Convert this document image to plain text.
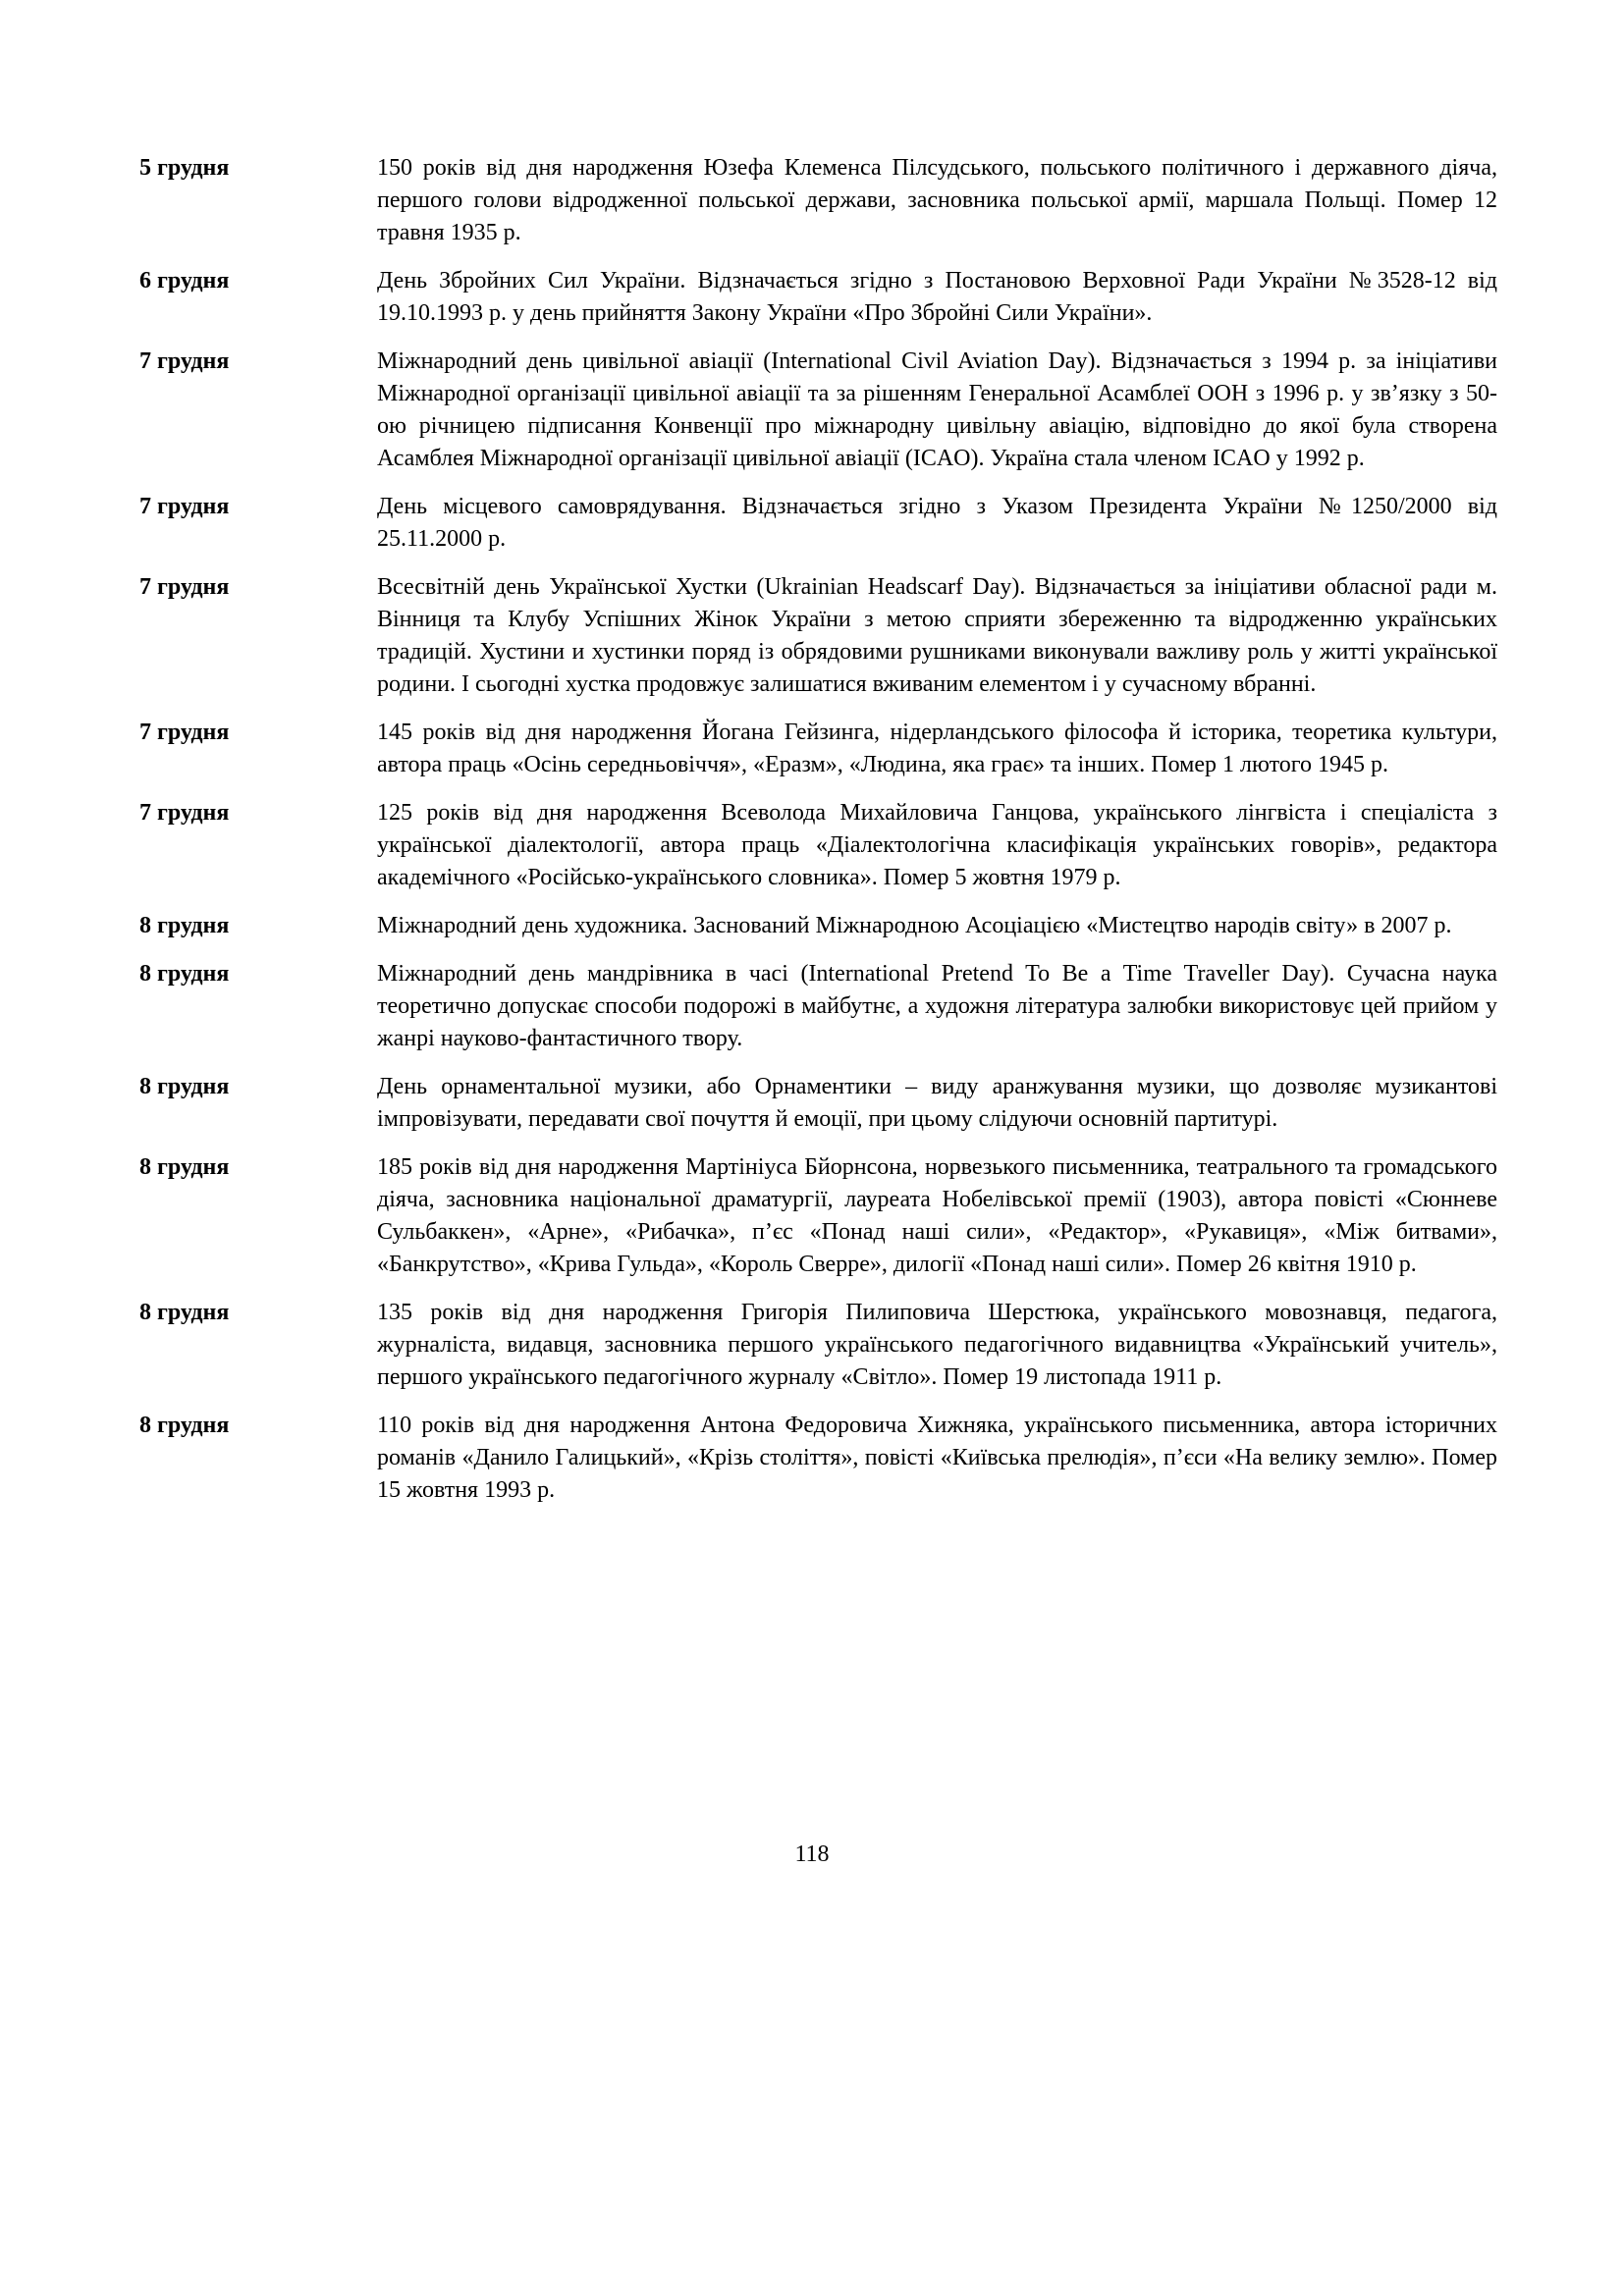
5 грудня	150 років від дня народження Юзефа Клеменса Пілсудського, польського політичного і державного діяча, першого голови відродженної польської держави, засновника польської армії, маршала Польщі. Помер 12 травня 1935 р.
6 грудня	День Збройних Сил України. Відзначається згідно з Постановою Верховної Ради України №3528-12 від 19.10.1993 р. у день прийняття Закону України «Про Збройні Сили України».
7 грудня	Міжнародний день цивільної авіації (International Civil Aviation Day). Відзначається з 1994 р. за ініціативи Міжнародної організації цивільної авіації та за рішенням Генеральної Асамблеї ООН з 1996 р. у зв’язку з 50-ою річницею підписання Конвенції про міжнародну цивільну авіацію, відповідно до якої була створена Асамблея Міжнародної організації цивільної авіації (ICAO). Україна стала членом ICAO у 1992 р.
7 грудня	День місцевого самоврядування. Відзначається згідно з Указом Президента України №1250/2000 від 25.11.2000 р.
7 грудня	Всесвітній день Української Хустки (Ukrainian Headscarf Day). Відзначається за ініціативи обласної ради м. Вінниця та Клубу Успішних Жінок України з метою сприяти збереженню та відродженню українських традицій. Хустини и хустинки поряд із обрядовими рушниками виконували важливу роль у житті української родини. І сьогодні хустка продовжує залишатися вживаним елементом і у сучасному вбранні.
7 грудня	145 років від дня народження Йогана Гейзинга, нідерландського філософа й історика, теоретика культури, автора праць «Осінь середньовіччя», «Еразм», «Людина, яка грає» та інших. Помер 1 лютого 1945 р.
7 грудня	125 років від дня народження Всеволода Михайловича Ганцова, українського лінгвіста і спеціаліста з української діалектології, автора праць «Діалектологічна класифікація українських говорів», редактора академічного «Російсько-українського словника». Помер 5 жовтня 1979 р.
8 грудня	Міжнародний день художника. Заснований Міжнародною Асоціацією «Мистецтво народів світу» в 2007 р.
8 грудня	Міжнародний день мандрівника в часі (International Pretend To Be a Time Traveller Day). Сучасна наука теоретично допускає способи подорожі в майбутнє, а художня література залюбки використовує цей прийом у жанрі науково-фантастичного твору.
8 грудня	День орнаментальної музики, або Орнаментики – виду аранжування музики, що дозволяє музикантові імпровізувати, передавати свої почуття й емоції, при цьому слідуючи основній партитурі.
8 грудня	185 років від дня народження Мартініуса Бйорнсона, норвезького письменника, театрального та громадського діяча, засновника національної драматургії, лауреата Нобелівської премії (1903), автора повісті «Сюнневе Сульбаккен», «Арне», «Рибачка», п’єс «Понад наші сили», «Редактор», «Рукавиця», «Між битвами», «Банкрутство», «Крива Гульда», «Король Сверре», дилогії «Понад наші сили». Помер 26 квітня 1910 р.
8 грудня	135 років від дня народження Григорія Пилиповича Шерстюка, українського мовознавця, педагога, журналіста, видавця, засновника першого українського педагогічного видавництва «Український учитель», першого українського педагогічного журналу «Світло». Помер 19 листопада 1911 р.
8 грудня	110 років від дня народження Антона Федоровича Хижняка, українського письменника, автора історичних романів «Данило Галицький», «Крізь століття», повісті «Київська прелюдія», п’єси «На велику землю». Помер 15 жовтня 1993 р.
118
